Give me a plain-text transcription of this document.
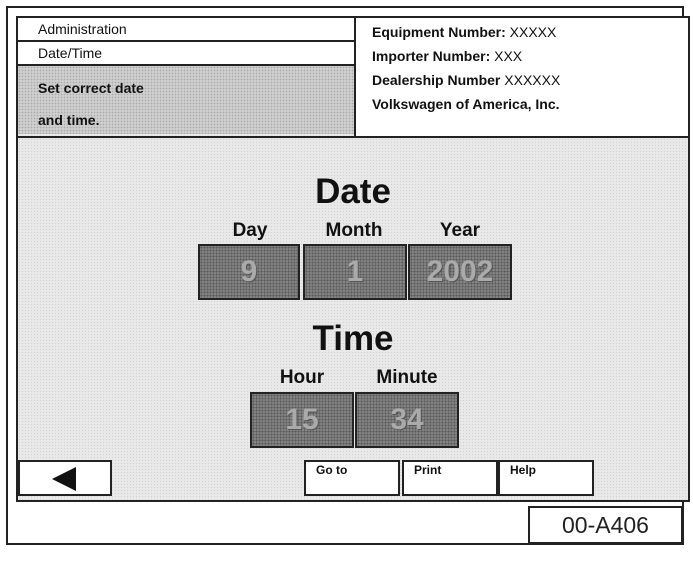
Administration
Date/Time
Set correct date
and time.
Equipment Number: XXXXX
Importer Number: XXX
Dealership Number XXXXXX
Volkswagen of America, Inc.
Date
Day	Month	Year
9	1	2002
Time
Hour	Minute
15	34
Go to	Print	Help
00-A406
